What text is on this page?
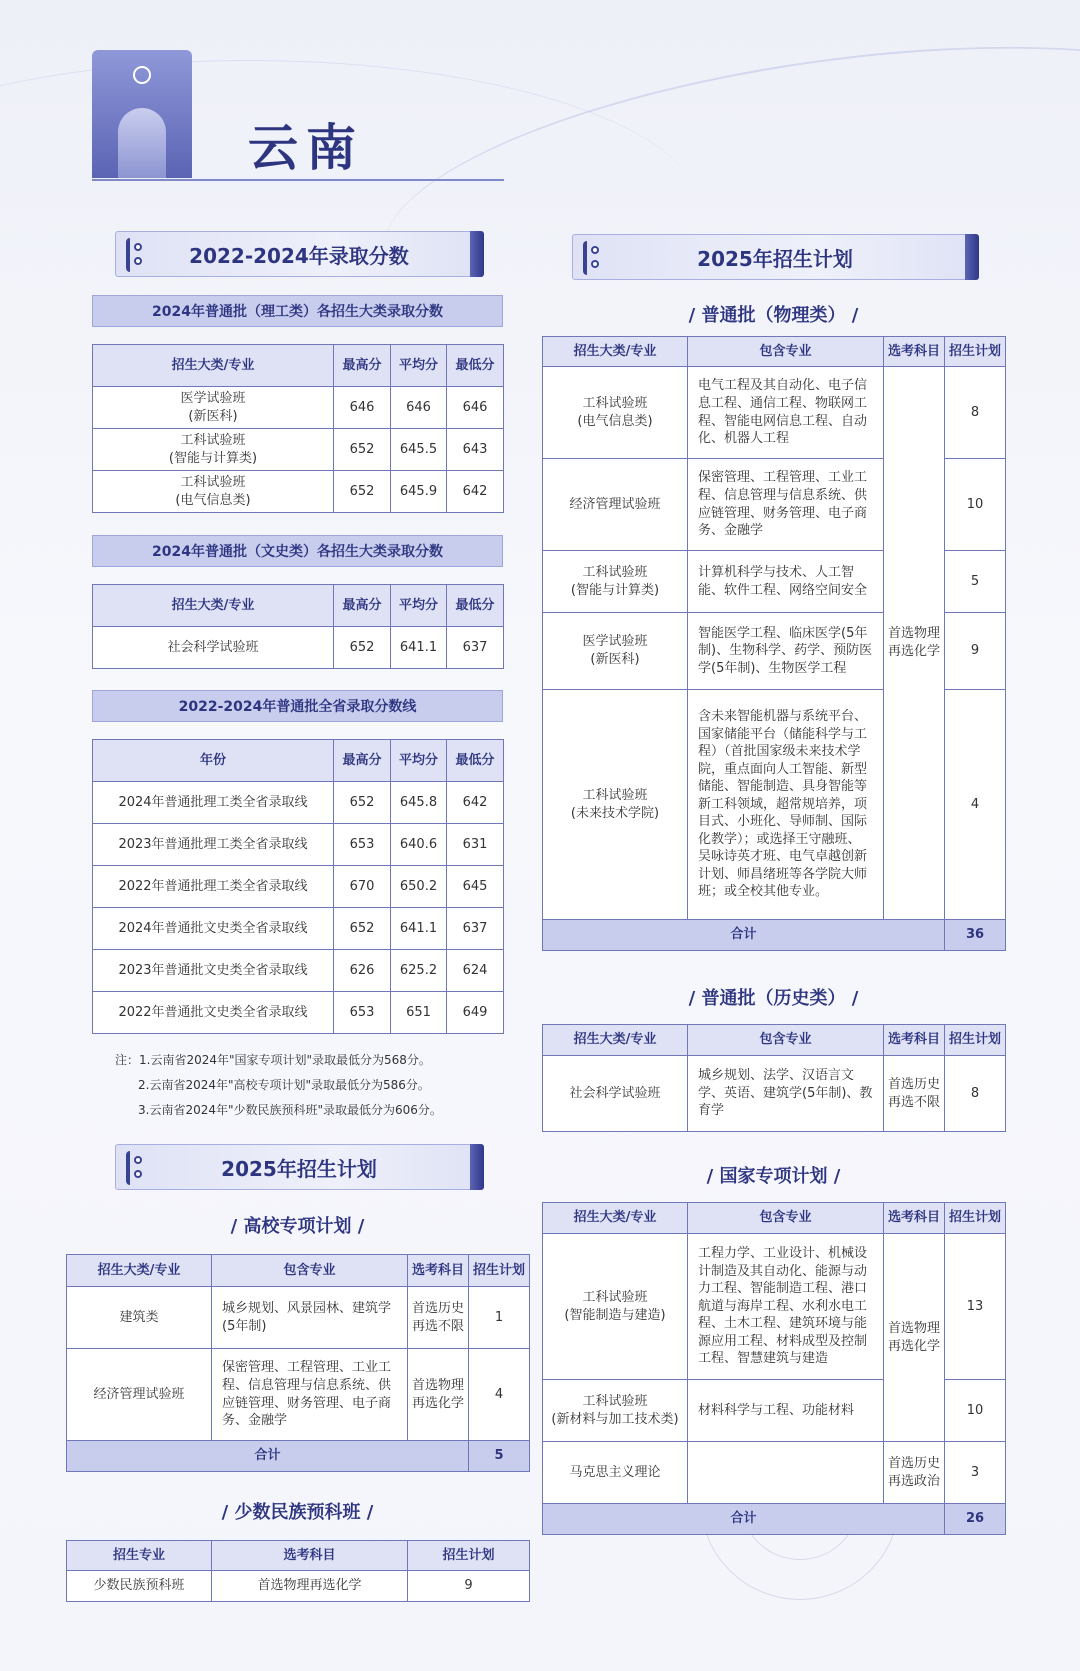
云南
2022-2024年录取分数
2024年普通批（理工类）各招生大类录取分数
招生大类/专业	最高分	平均分	最低分

医学试验班
(新医科)	646	646	646

工科试验班
(智能与计算类)	652	645.5	643

工科试验班
(电气信息类)	652	645.9	642
2024年普通批（文史类）各招生大类录取分数
招生大类/专业	最高分	平均分	最低分
社会科学试验班	652	641.1	637
2022-2024年普通批全省录取分数线
年份	最高分	平均分	最低分
2024年普通批理工类全省录取线	652	645.8	642
2023年普通批理工类全省录取线	653	640.6	631
2022年普通批理工类全省录取线	670	650.2	645
2024年普通批文史类全省录取线	652	641.1	637
2023年普通批文史类全省录取线	626	625.2	624
2022年普通批文史类全省录取线	653	651	649
注：1.云南省2024年"国家专项计划"录取最低分为568分。
2.云南省2024年"高校专项计划"录取最低分为586分。
3.云南省2024年"少数民族预科班"录取最低分为606分。
2025年招生计划
/ 高校专项计划 /
招生大类/专业	包含专业	选考科目	招生计划
建筑类	城乡规划、风景园林、建筑学(5年制)	首选历史再选不限	1
经济管理试验班	保密管理、工程管理、工业工程、信息管理与信息系统、供应链管理、财务管理、电子商务、金融学	首选物理再选化学	4
合计			5
/ 少数民族预科班 /
招生专业	选考科目	招生计划
少数民族预科班	首选物理再选化学	9
2025年招生计划
/ 普通批（物理类） /
招生大类/专业	包含专业	选考科目	招生计划

工科试验班
(电气信息类)	电气工程及其自动化、电子信息工程、通信工程、物联网工程、智能电网信息工程、自动化、机器人工程	首选物理再选化学	8

经济管理试验班	保密管理、工程管理、工业工程、信息管理与信息系统、供应链管理、财务管理、电子商务、金融学		10

工科试验班
(智能与计算类)	计算机科学与技术、人工智能、软件工程、网络空间安全		5

医学试验班
(新医科)	智能医学工程、临床医学(5年制)、生物科学、药学、预防医学(5年制)、生物医学工程		9

工科试验班
(未来技术学院)	含未来智能机器与系统平台、国家储能平台（储能科学与工程）（首批国家级未来技术学院，重点面向人工智能、新型储能、智能制造、具身智能等新工科领域，超常规培养，项目式、小班化、导师制、国际化教学）；或选择王守融班、吴咏诗英才班、电气卓越创新计划、师昌绪班等各学院大师班；或全校其他专业。		4
合计			36
/ 普通批（历史类） /
招生大类/专业	包含专业	选考科目	招生计划
社会科学试验班	城乡规划、法学、汉语言文学、英语、建筑学(5年制)、教育学	首选历史再选不限	8
/ 国家专项计划 /
招生大类/专业	包含专业	选考科目	招生计划

工科试验班
(智能制造与建造)	工程力学、工业设计、机械设计制造及其自动化、能源与动力工程、智能制造工程、港口航道与海岸工程、水利水电工程、土木工程、建筑环境与能源应用工程、材料成型及控制工程、智慧建筑与建造	首选物理再选化学	13

工科试验班
(新材料与加工技术类)	材料科学与工程、功能材料		10
马克思主义理论		首选历史再选政治	3
合计			26
